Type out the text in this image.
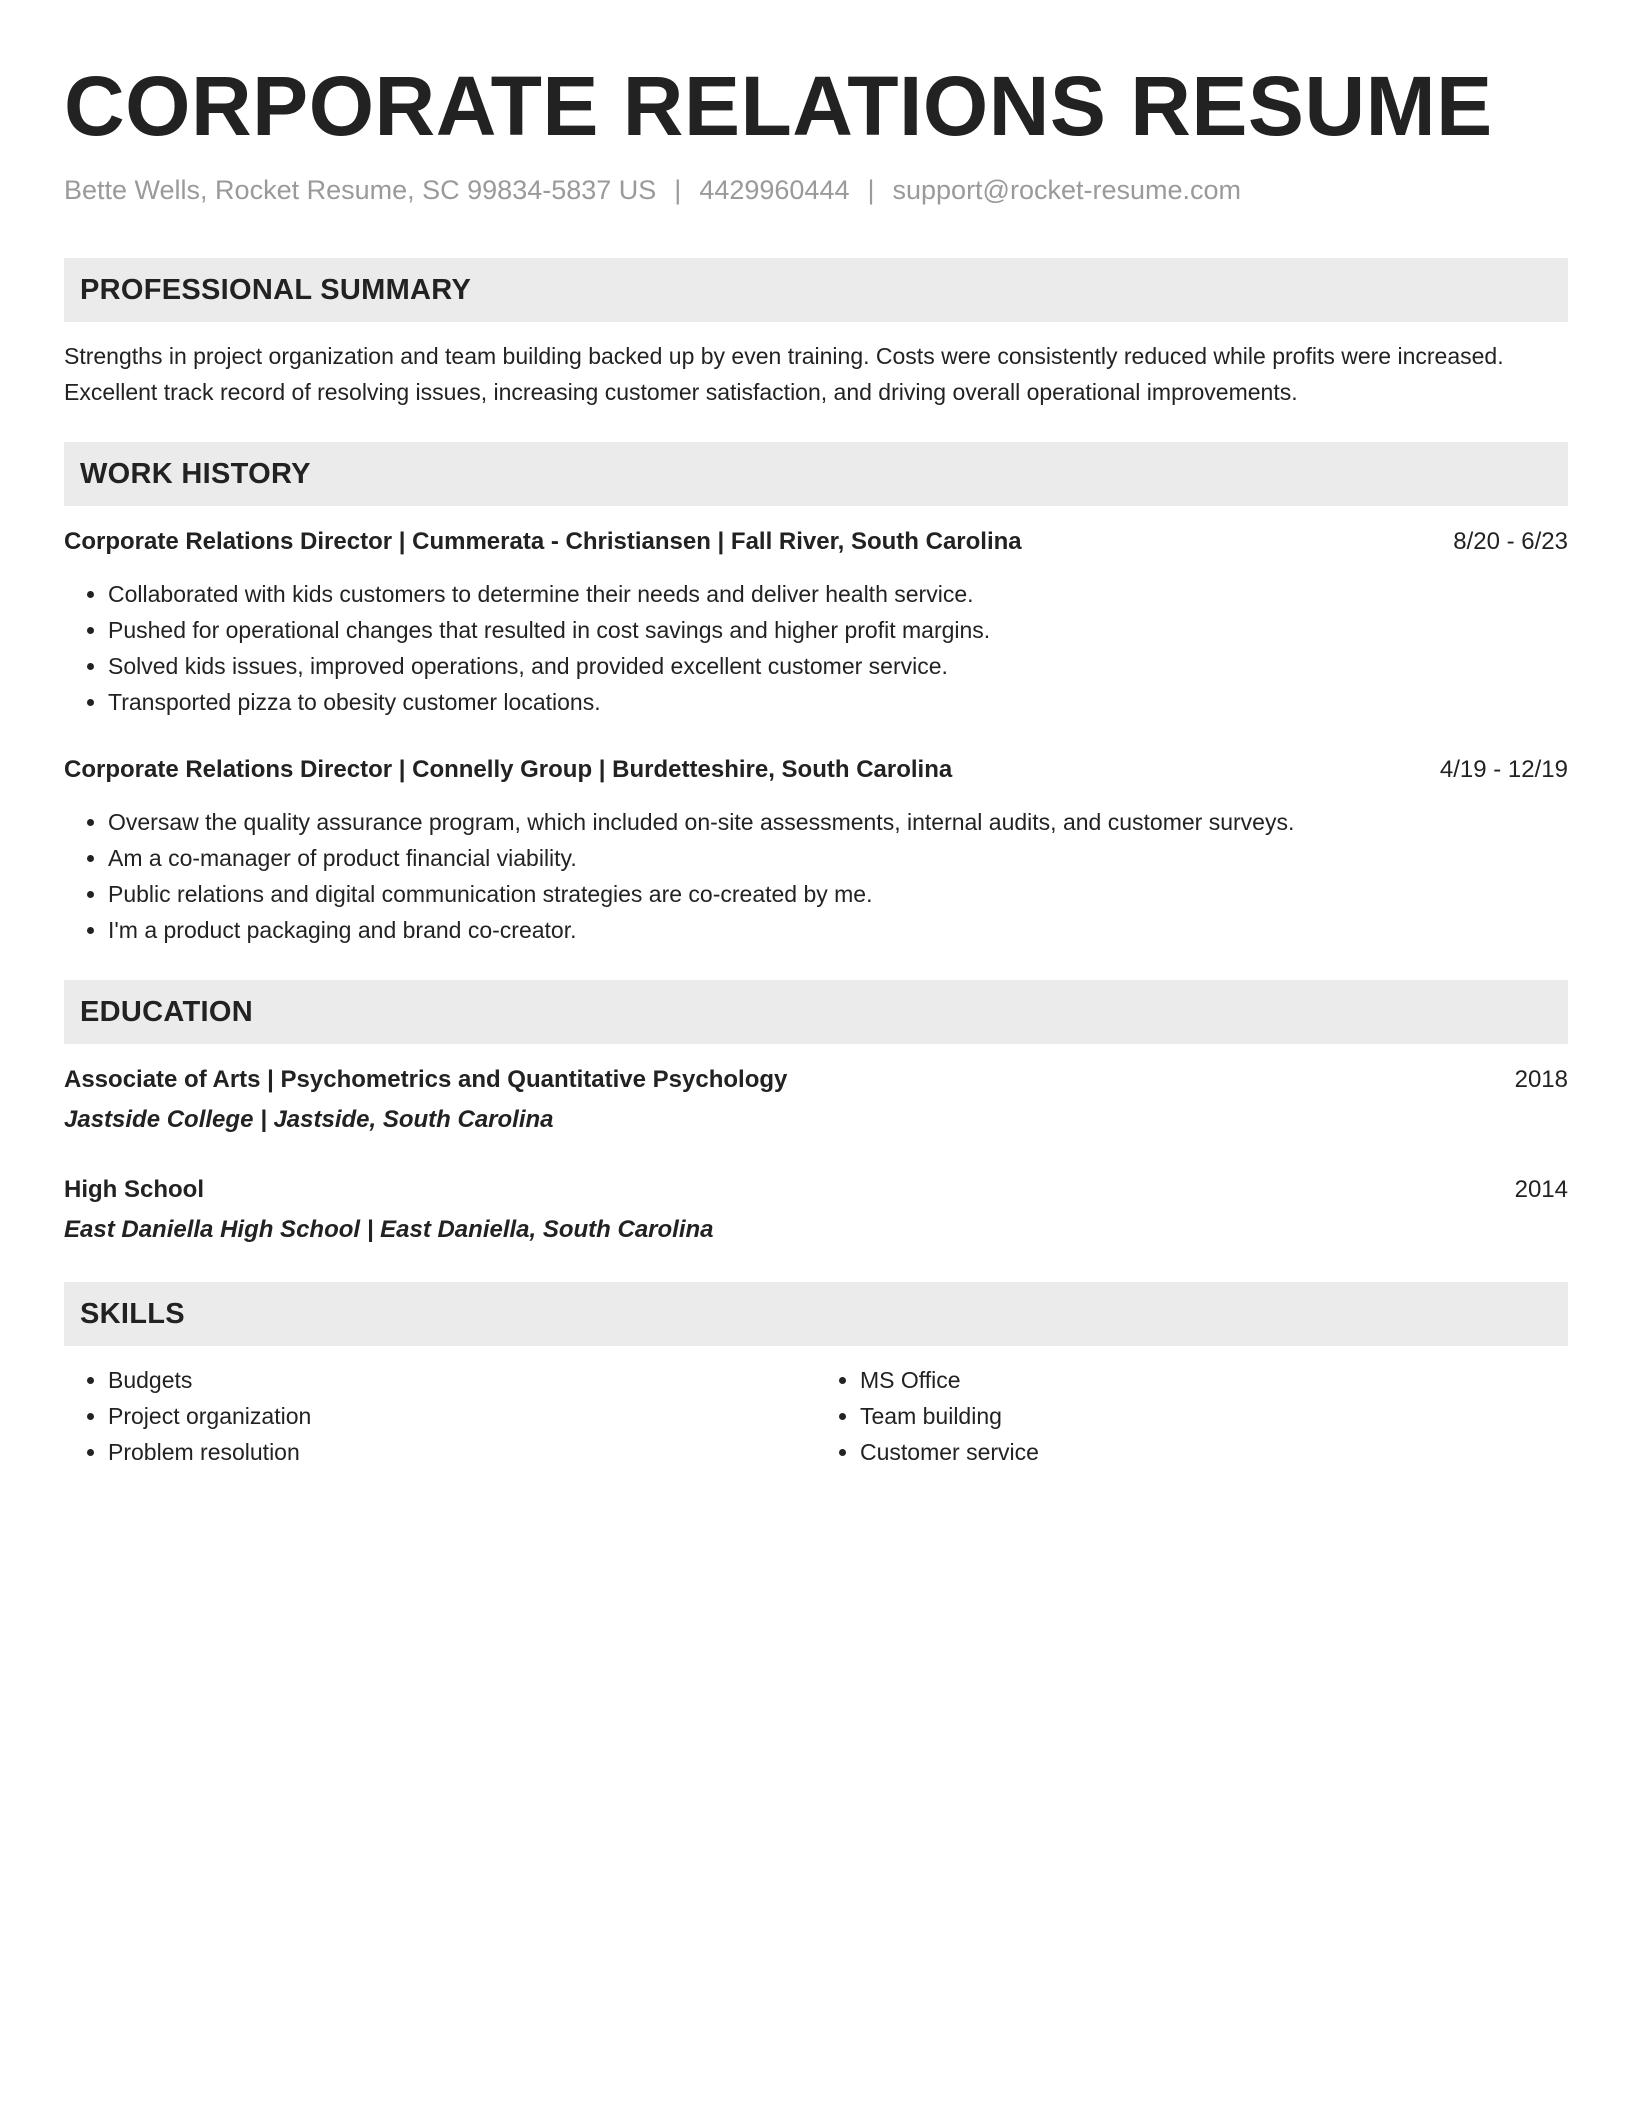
CORPORATE RELATIONS RESUME
Bette Wells, Rocket Resume, SC 99834-5837 US | 4429960444 | support@rocket-resume.com
PROFESSIONAL SUMMARY
Strengths in project organization and team building backed up by even training. Costs were consistently reduced while profits were increased. Excellent track record of resolving issues, increasing customer satisfaction, and driving overall operational improvements.
WORK HISTORY
Corporate Relations Director | Cummerata - Christiansen | Fall River, South Carolina	8/20 - 6/23
• Collaborated with kids customers to determine their needs and deliver health service.
• Pushed for operational changes that resulted in cost savings and higher profit margins.
• Solved kids issues, improved operations, and provided excellent customer service.
• Transported pizza to obesity customer locations.
Corporate Relations Director | Connelly Group | Burdetteshire, South Carolina	4/19 - 12/19
• Oversaw the quality assurance program, which included on-site assessments, internal audits, and customer surveys.
• Am a co-manager of product financial viability.
• Public relations and digital communication strategies are co-created by me.
• I'm a product packaging and brand co-creator.
EDUCATION
Associate of Arts | Psychometrics and Quantitative Psychology	2018
Jastside College | Jastside, South Carolina
High School	2014
East Daniella High School | East Daniella, South Carolina
SKILLS
• Budgets
• Project organization
• Problem resolution
• MS Office
• Team building
• Customer service
